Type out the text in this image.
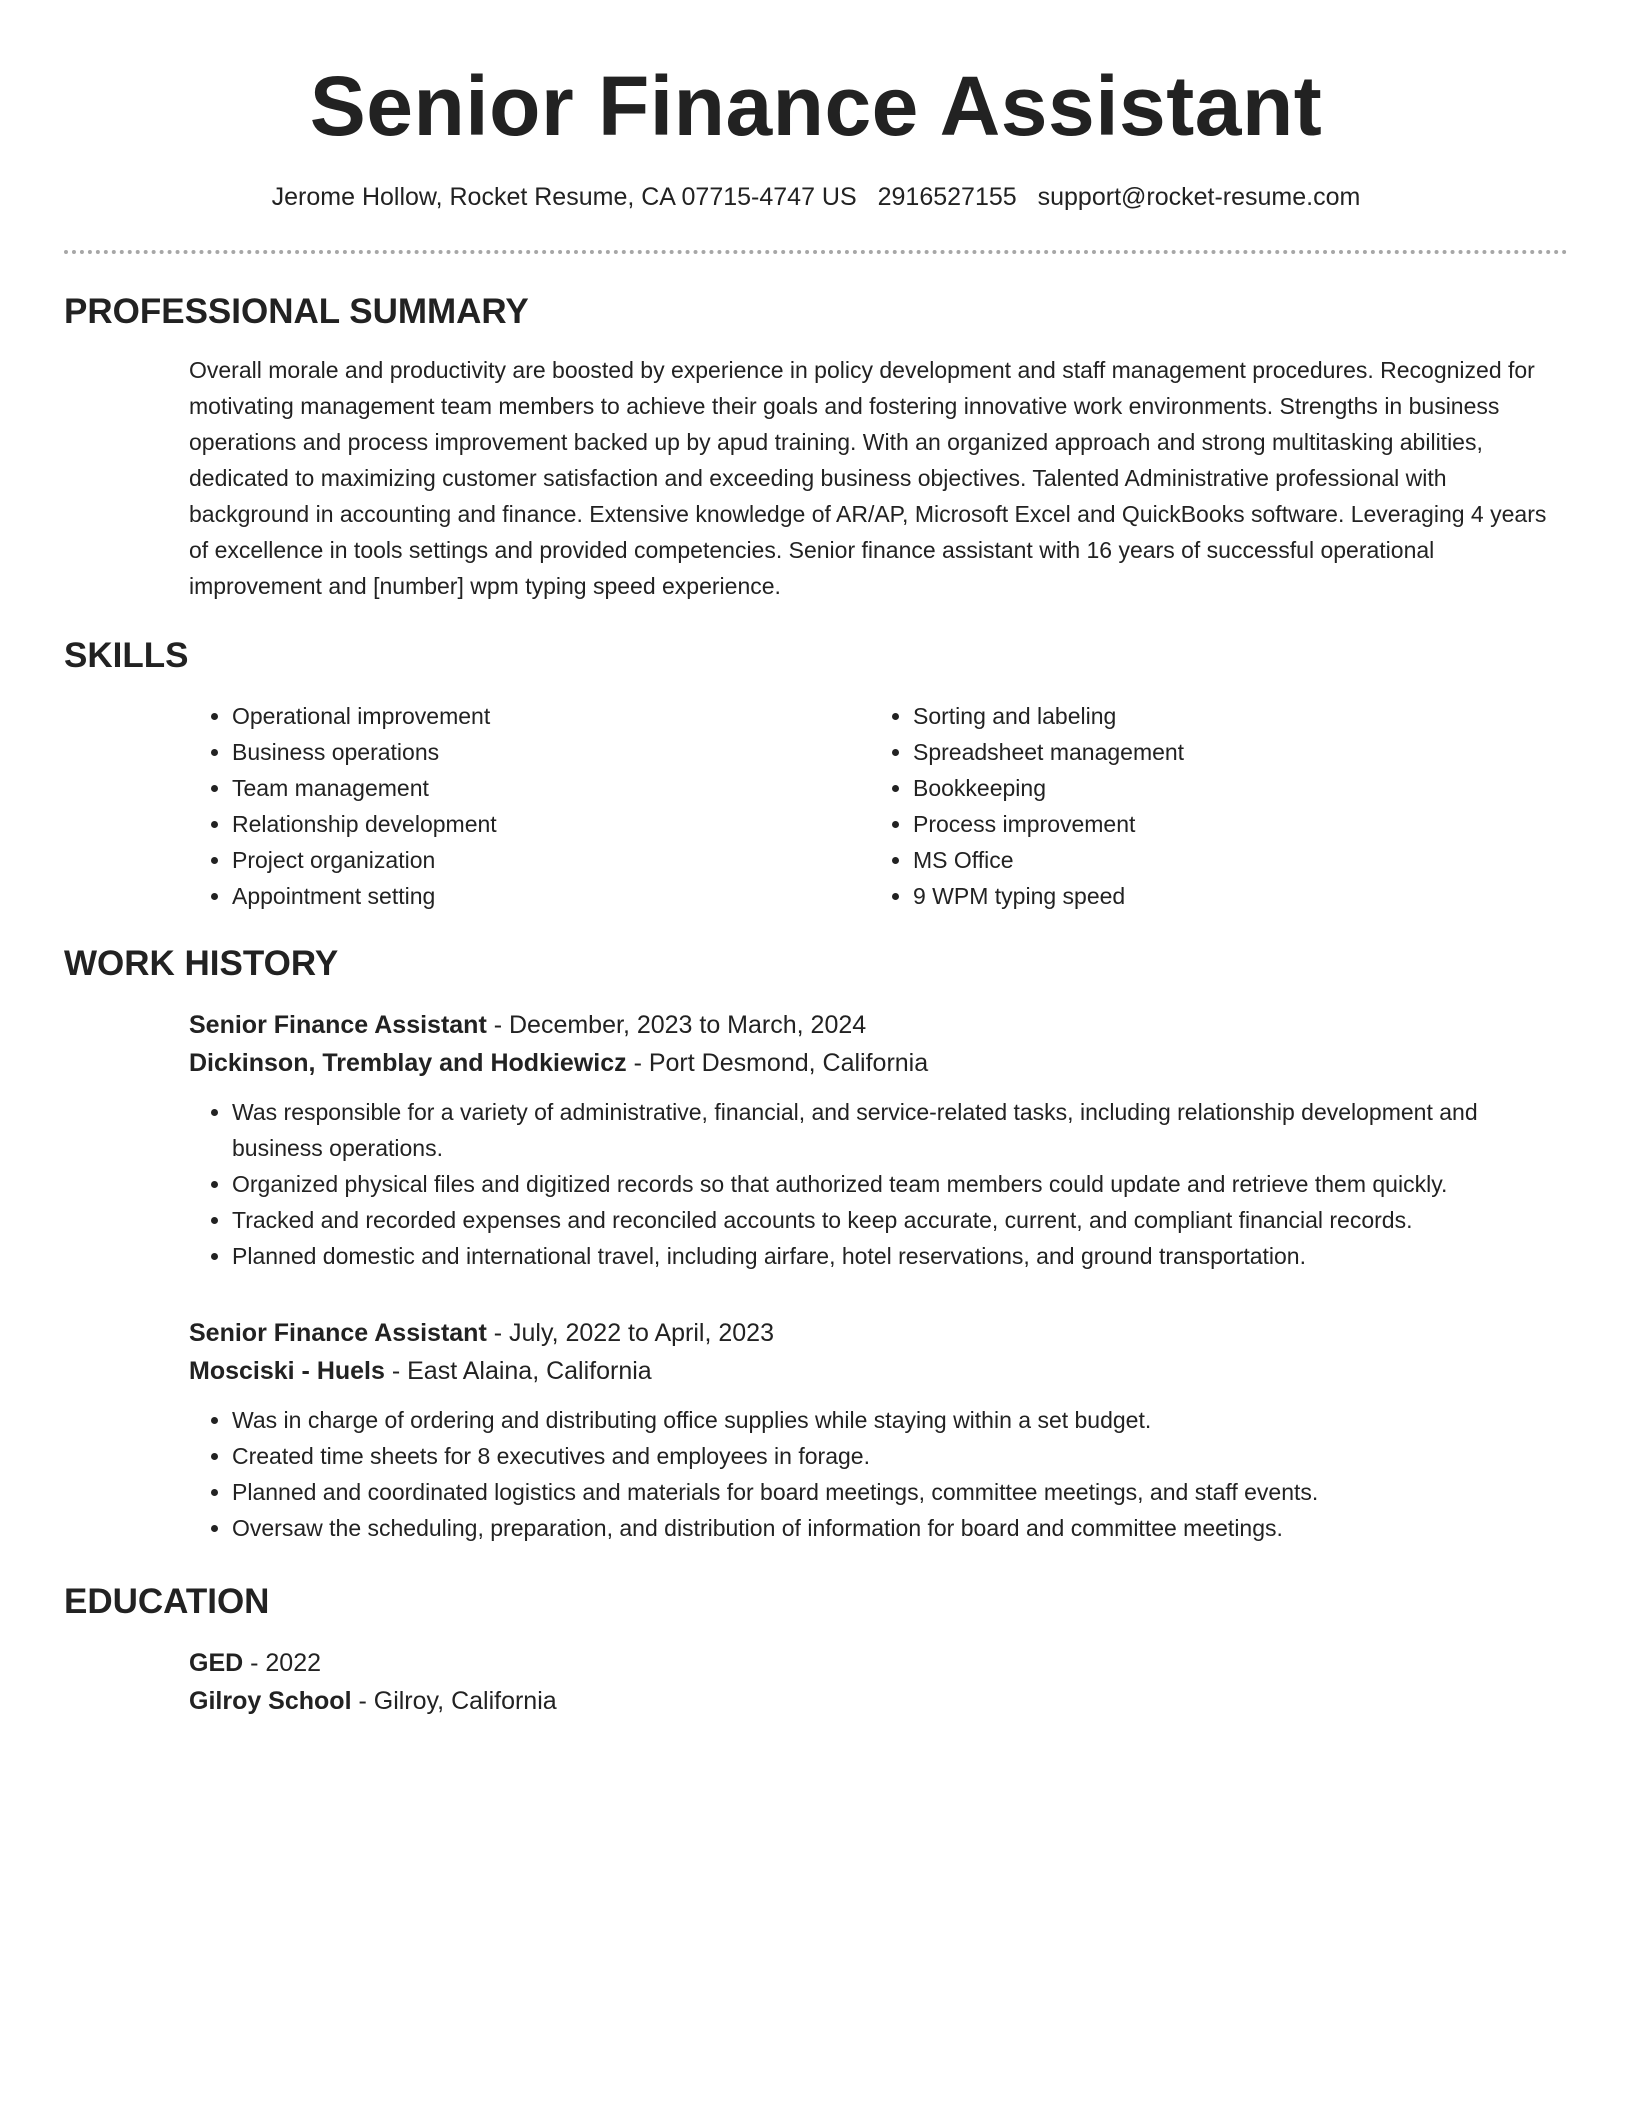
Senior Finance Assistant
Jerome Hollow, Rocket Resume, CA 07715-4747 US 2916527155 support@rocket-resume.com
PROFESSIONAL SUMMARY
Overall morale and productivity are boosted by experience in policy development and staff management procedures. Recognized for motivating management team members to achieve their goals and fostering innovative work environments. Strengths in business operations and process improvement backed up by apud training. With an organized approach and strong multitasking abilities, dedicated to maximizing customer satisfaction and exceeding business objectives. Talented Administrative professional with background in accounting and finance. Extensive knowledge of AR/AP, Microsoft Excel and QuickBooks software. Leveraging 4 years of excellence in tools settings and provided competencies. Senior finance assistant with 16 years of successful operational improvement and [number] wpm typing speed experience.
SKILLS
• Operational improvement
• Business operations
• Team management
• Relationship development
• Project organization
• Appointment setting
• Sorting and labeling
• Spreadsheet management
• Bookkeeping
• Process improvement
• MS Office
• 9 WPM typing speed
WORK HISTORY
Senior Finance Assistant - December, 2023 to March, 2024
Dickinson, Tremblay and Hodkiewicz - Port Desmond, California
• Was responsible for a variety of administrative, financial, and service-related tasks, including relationship development and business operations.
• Organized physical files and digitized records so that authorized team members could update and retrieve them quickly.
• Tracked and recorded expenses and reconciled accounts to keep accurate, current, and compliant financial records.
• Planned domestic and international travel, including airfare, hotel reservations, and ground transportation.
Senior Finance Assistant - July, 2022 to April, 2023
Mosciski - Huels - East Alaina, California
• Was in charge of ordering and distributing office supplies while staying within a set budget.
• Created time sheets for 8 executives and employees in forage.
• Planned and coordinated logistics and materials for board meetings, committee meetings, and staff events.
• Oversaw the scheduling, preparation, and distribution of information for board and committee meetings.
EDUCATION
GED - 2022
Gilroy School - Gilroy, California
